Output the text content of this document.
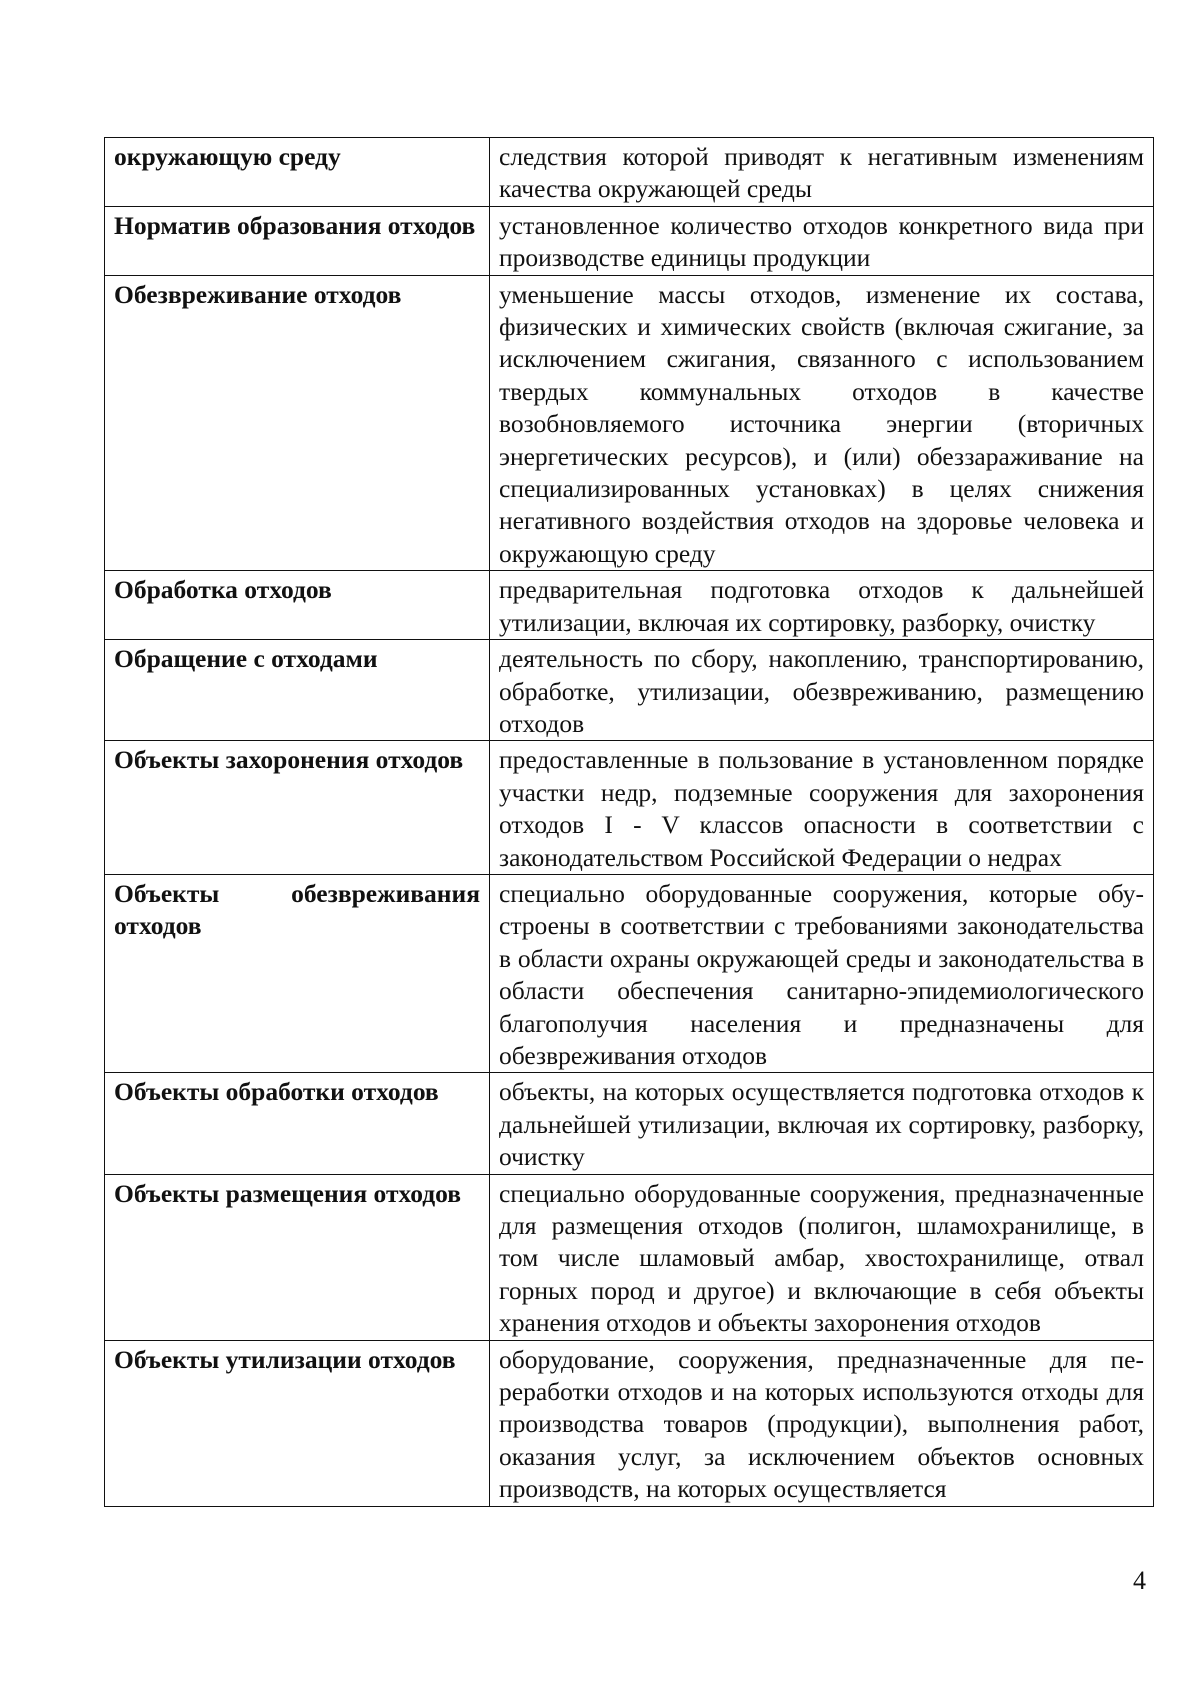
окружающую среду	следствия которой приводят к негативным изменениям качества окружающей среды
Норматив образования отходов	установленное количество отходов конкретного вида при производстве единицы продукции
Обезвреживание отходов	уменьшение массы отходов, изменение их состава, физических и химических свойств (включая сжигание, за исключением сжигания, связанного с использованием твердых коммунальных отходов в качестве возобновляемого источника энергии (вторичных энергетических ресурсов), и (или) обеззараживание на специализированных установках) в целях снижения негативного воздействия отходов на здоровье человека и окружающую среду
Обработка отходов	предварительная подготовка отходов к дальнейшей утилизации, включая их сортировку, разборку, очистку
Обращение с отходами	деятельность по сбору, накоплению, транспортированию, обработке, утилизации, обезвреживанию, размещению отходов
Объекты захоронения отходов	предоставленные в пользование в установленном порядке участки недр, подземные сооружения для захоронения отходов I - V классов опасности в соответствии с законодательством Российской Федерации о недрах
Объекты обезвреживания отходов	специально оборудованные сооружения, которые обустроены в соответствии с требованиями законодательства в области охраны окружающей среды и законодательства в области обеспечения санитарно-эпидемиологического благополучия населения и предназначены для обезвреживания отходов
Объекты обработки отходов	объекты, на которых осуществляется подготовка отходов к дальнейшей утилизации, включая их сортировку, разборку, очистку
Объекты размещения отходов	специально оборудованные сооружения, предназначенные для размещения отходов (полигон, шламохранилище, в том числе шламовый амбар, хвостохранилище, отвал горных пород и другое) и включающие в себя объекты хранения отходов и объекты захоронения отходов
Объекты утилизации отходов	оборудование, сооружения, предназначенные для переработки отходов и на которых используются отходы для производства товаров (продукции), выполнения работ, оказания услуг, за исключением объектов основных производств, на которых осуществляется
4
